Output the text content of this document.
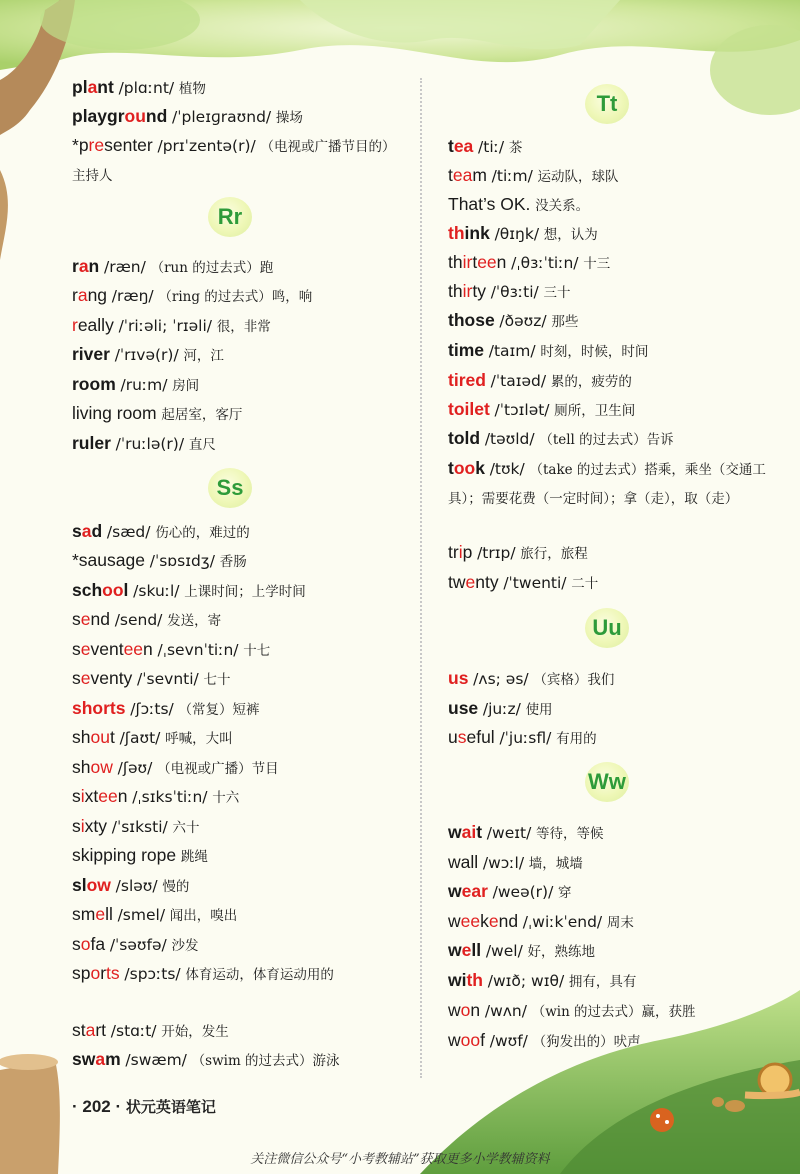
plant /plɑːnt/ 植物
playground /ˈpleɪɡraʊnd/ 操场
*presenter /prɪˈzentə(r)/ （电视或广播节目的）主持人
Rr
ran /ræn/ （run 的过去式）跑
rang /ræŋ/ （ring 的过去式）鸣，响
really /ˈriːəli; ˈrɪəli/ 很，非常
river /ˈrɪvə(r)/ 河，江
room /ruːm/ 房间
living room 起居室，客厅
ruler /ˈruːlə(r)/ 直尺
Ss
sad /sæd/ 伤心的，难过的
*sausage /ˈsɒsɪdʒ/ 香肠
school /skuːl/ 上课时间；上学时间
send /send/ 发送，寄
seventeen /ˌsevnˈtiːn/ 十七
seventy /ˈsevnti/ 七十
shorts /ʃɔːts/ （常复）短裤
shout /ʃaʊt/ 呼喊，大叫
show /ʃəʊ/ （电视或广播）节目
sixteen /ˌsɪksˈtiːn/ 十六
sixty /ˈsɪksti/ 六十
skipping rope 跳绳
slow /sləʊ/ 慢的
smell /smel/ 闻出，嗅出
sofa /ˈsəʊfə/ 沙发
sports /spɔːts/ 体育运动，体育运动用的
start /stɑːt/ 开始，发生
swam /swæm/ （swim 的过去式）游泳
Tt
tea /tiː/ 茶
team /tiːm/ 运动队，球队
That’s OK. 没关系。
think /θɪŋk/ 想，认为
thirteen /ˌθɜːˈtiːn/ 十三
thirty /ˈθɜːti/ 三十
those /ðəʊz/ 那些
time /taɪm/ 时刻，时候，时间
tired /ˈtaɪəd/ 累的，疲劳的
toilet /ˈtɔɪlət/ 厕所，卫生间
told /təʊld/ （tell 的过去式）告诉
took /tʊk/ （take 的过去式）搭乘，乘坐（交通工具）；需要花费（一定时间）；拿（走），取（走）
trip /trɪp/ 旅行，旅程
twenty /ˈtwenti/ 二十
Uu
us /ʌs; əs/ （宾格）我们
use /juːz/ 使用
useful /ˈjuːsfl/ 有用的
Ww
wait /weɪt/ 等待，等候
wall /wɔːl/ 墙，城墙
wear /weə(r)/ 穿
weekend /ˌwiːkˈend/ 周末
well /wel/ 好，熟练地
with /wɪð; wɪθ/ 拥有，具有
won /wʌn/ （win 的过去式）赢，获胜
woof /wʊf/ （狗发出的）吠声
· 202 · 状元英语笔记
关注微信公众号“小考教辅站”获取更多小学教辅资料
